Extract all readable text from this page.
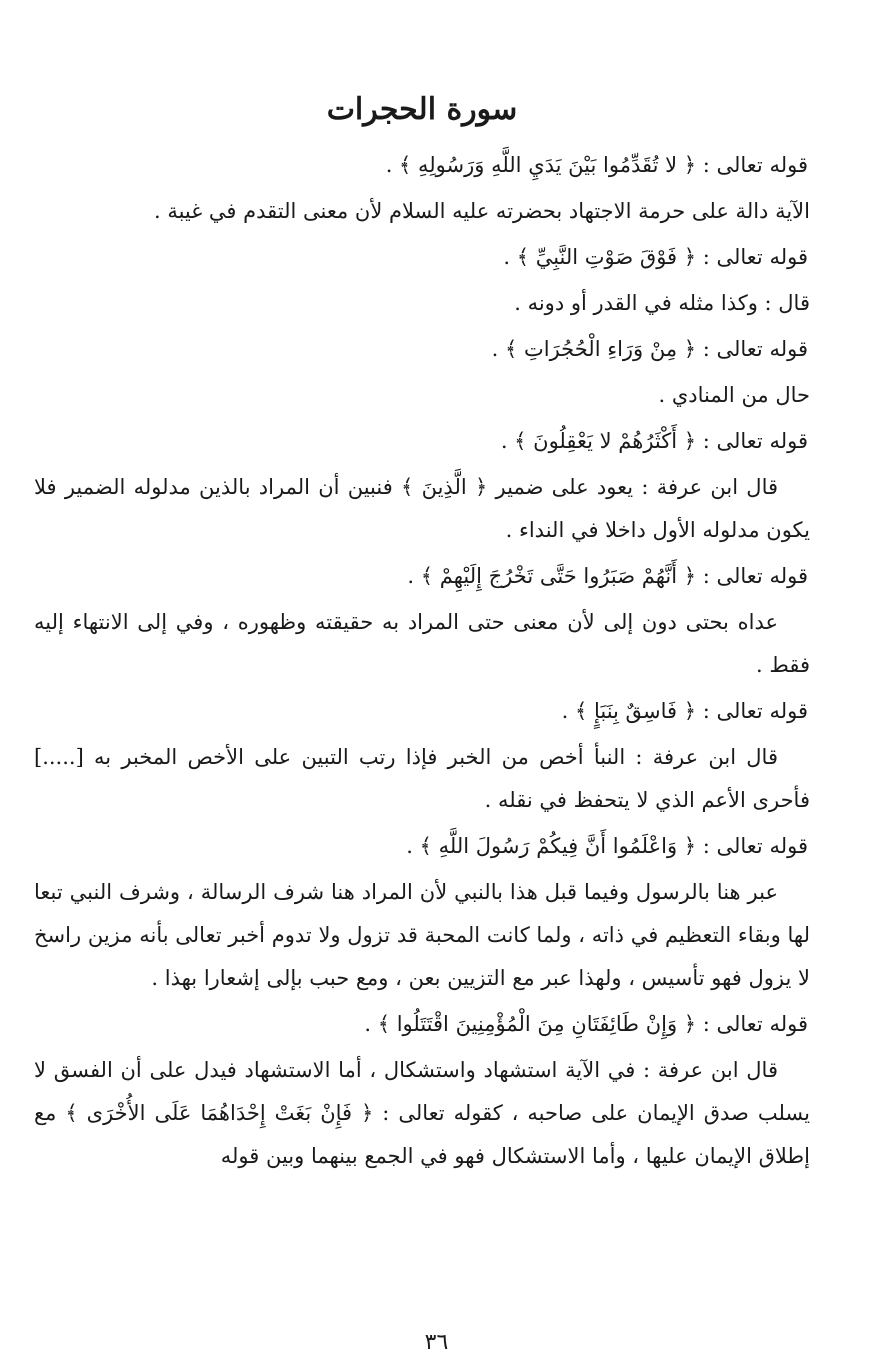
سورة الحجرات

قوله تعالى : ﴿ لا تُقَدِّمُوا بَيْنَ يَدَيِ اللَّهِ وَرَسُولِهِ ﴾ .

الآية دالة على حرمة الاجتهاد بحضرته عليه السلام لأن معنى التقدم في غيبة .

قوله تعالى : ﴿ فَوْقَ صَوْتِ النَّبِيِّ ﴾ .

قال : وكذا مثله في القدر أو دونه .

قوله تعالى : ﴿ مِنْ وَرَاءِ الْحُجُرَاتِ ﴾ .

حال من المنادي .

قوله تعالى : ﴿ أَكْثَرُهُمْ لا يَعْقِلُونَ ﴾ .

قال ابن عرفة : يعود على ضمير ﴿ الَّذِينَ ﴾ فنبين أن المراد بالذين مدلوله الضمير فلا يكون مدلوله الأول داخلا في النداء .

قوله تعالى : ﴿ أَنَّهُمْ صَبَرُوا حَتَّى تَخْرُجَ إِلَيْهِمْ ﴾ .

عداه بحتى دون إلى لأن معنى حتى المراد به حقيقته وظهوره ، وفي إلى الانتهاء إليه فقط .

قوله تعالى : ﴿ فَاسِقٌ بِنَبَإٍ ﴾ .

قال ابن عرفة : النبأ أخص من الخبر فإذا رتب التبين على الأخص المخبر به [.....] فأحرى الأعم الذي لا يتحفظ في نقله .

قوله تعالى : ﴿ وَاعْلَمُوا أَنَّ فِيكُمْ رَسُولَ اللَّهِ ﴾ .

عبر هنا بالرسول وفيما قبل هذا بالنبي لأن المراد هنا شرف الرسالة ، وشرف النبي تبعا لها وبقاء التعظيم في ذاته ، ولما كانت المحبة قد تزول ولا تدوم أخبر تعالى بأنه مزين راسخ لا يزول فهو تأسيس ، ولهذا عبر مع التزيين بعن ، ومع حبب بإلى إشعارا بهذا .

قوله تعالى : ﴿ وَإِنْ طَائِفَتَانِ مِنَ الْمُؤْمِنِينَ اقْتَتَلُوا ﴾ .

قال ابن عرفة : في الآية استشهاد واستشكال ، أما الاستشهاد فيدل على أن الفسق لا يسلب صدق الإيمان على صاحبه ، كقوله تعالى : ﴿ فَإِنْ بَغَتْ إِحْدَاهُمَا عَلَى الأُخْرَى ﴾ مع إطلاق الإيمان عليها ، وأما الاستشكال فهو في الجمع بينهما وبين قوله

٣٦
